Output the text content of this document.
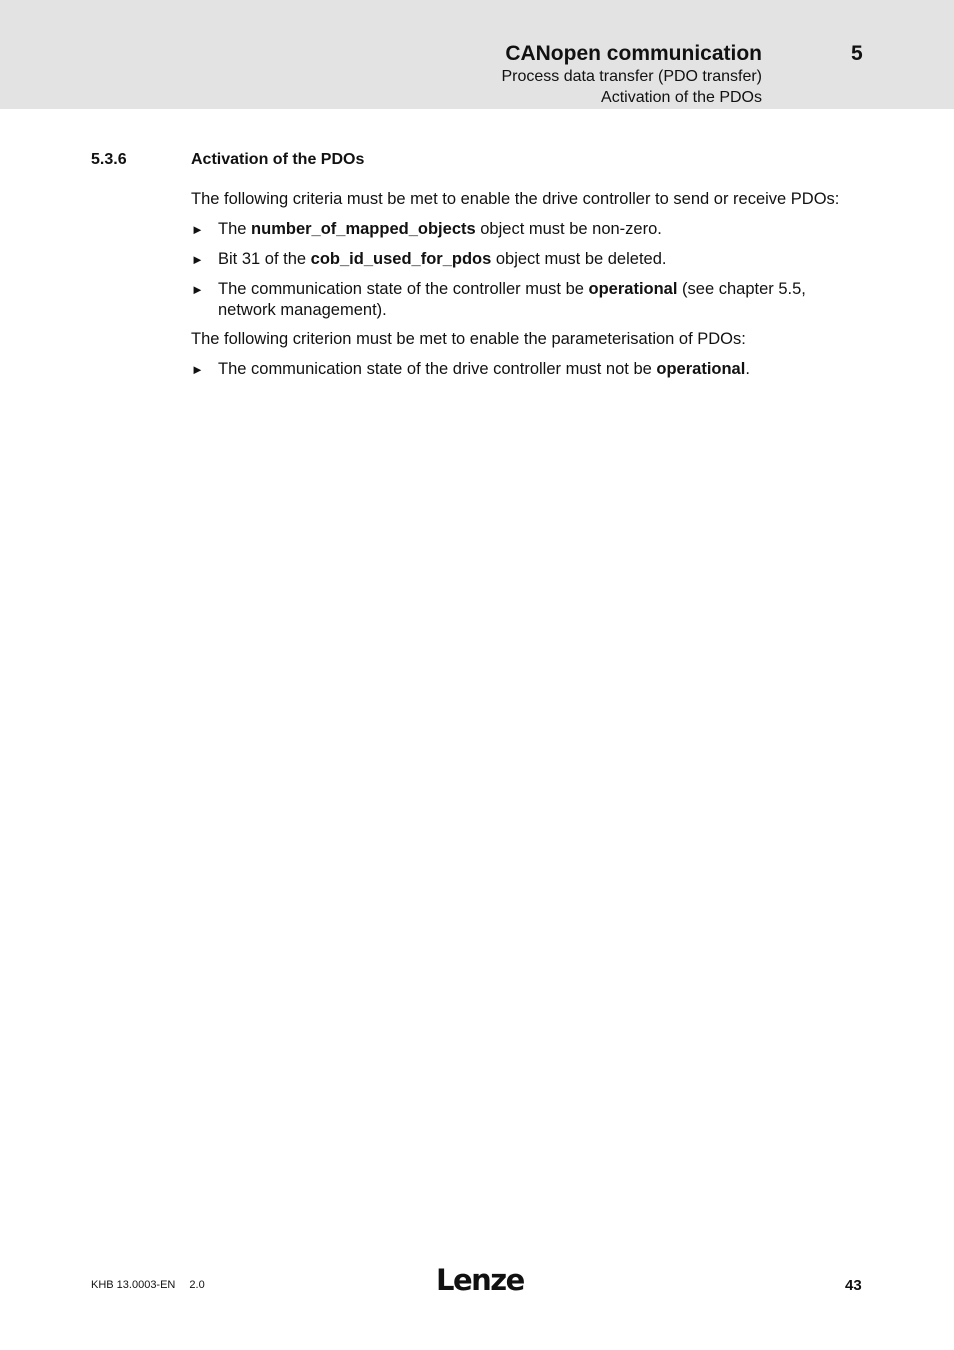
CANopen communication	5
Process data transfer (PDO transfer)
Activation of the PDOs
5.3.6	Activation of the PDOs
The following criteria must be met to enable the drive controller to send or receive PDOs:
► The number_of_mapped_objects object must be non-zero.
► Bit 31 of the cob_id_used_for_pdos object must be deleted.
► The communication state of the controller must be operational (see chapter 5.5, network management).
The following criterion must be met to enable the parameterisation of PDOs:
► The communication state of the drive controller must not be operational.
KHB 13.0003-EN 2.0	Lenze	43
